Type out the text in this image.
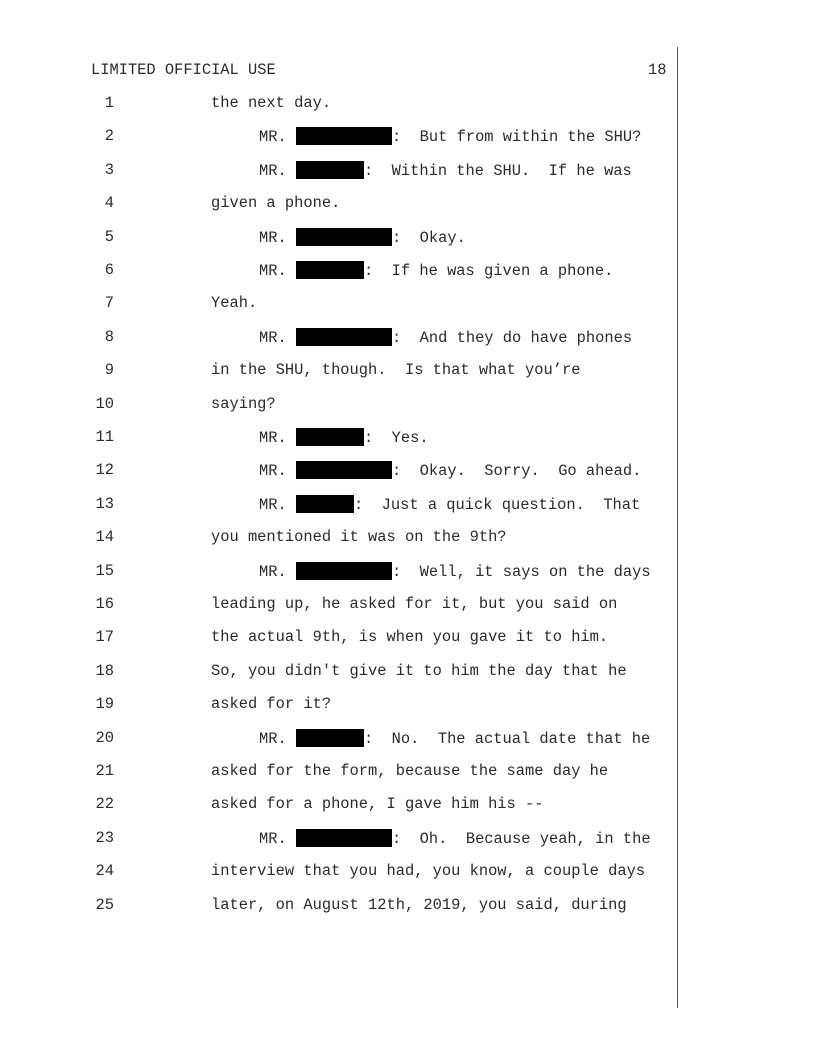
LIMITED OFFICIAL USE	18
1	the next day.
2	MR.	:  But from within the SHU?
3	MR.	:  Within the SHU.  If he was
4	given a phone.
5	MR.	:  Okay.
6	MR.	:  If he was given a phone.
7	Yeah.
8	MR.	:  And they do have phones
9	in the SHU, though.  Is that what you’re
10	saying?
11	MR.	:  Yes.
12	MR.	:  Okay.  Sorry.  Go ahead.
13	MR.	:  Just a quick question.  That
14	you mentioned it was on the 9th?
15	MR.	:  Well, it says on the days
16	leading up, he asked for it, but you said on
17	the actual 9th, is when you gave it to him.
18	So, you didn't give it to him the day that he
19	asked for it?
20	MR.	:  No.  The actual date that he
21	asked for the form, because the same day he
22	asked for a phone, I gave him his --
23	MR.	:  Oh.  Because yeah, in the
24	interview that you had, you know, a couple days
25	later, on August 12th, 2019, you said, during
